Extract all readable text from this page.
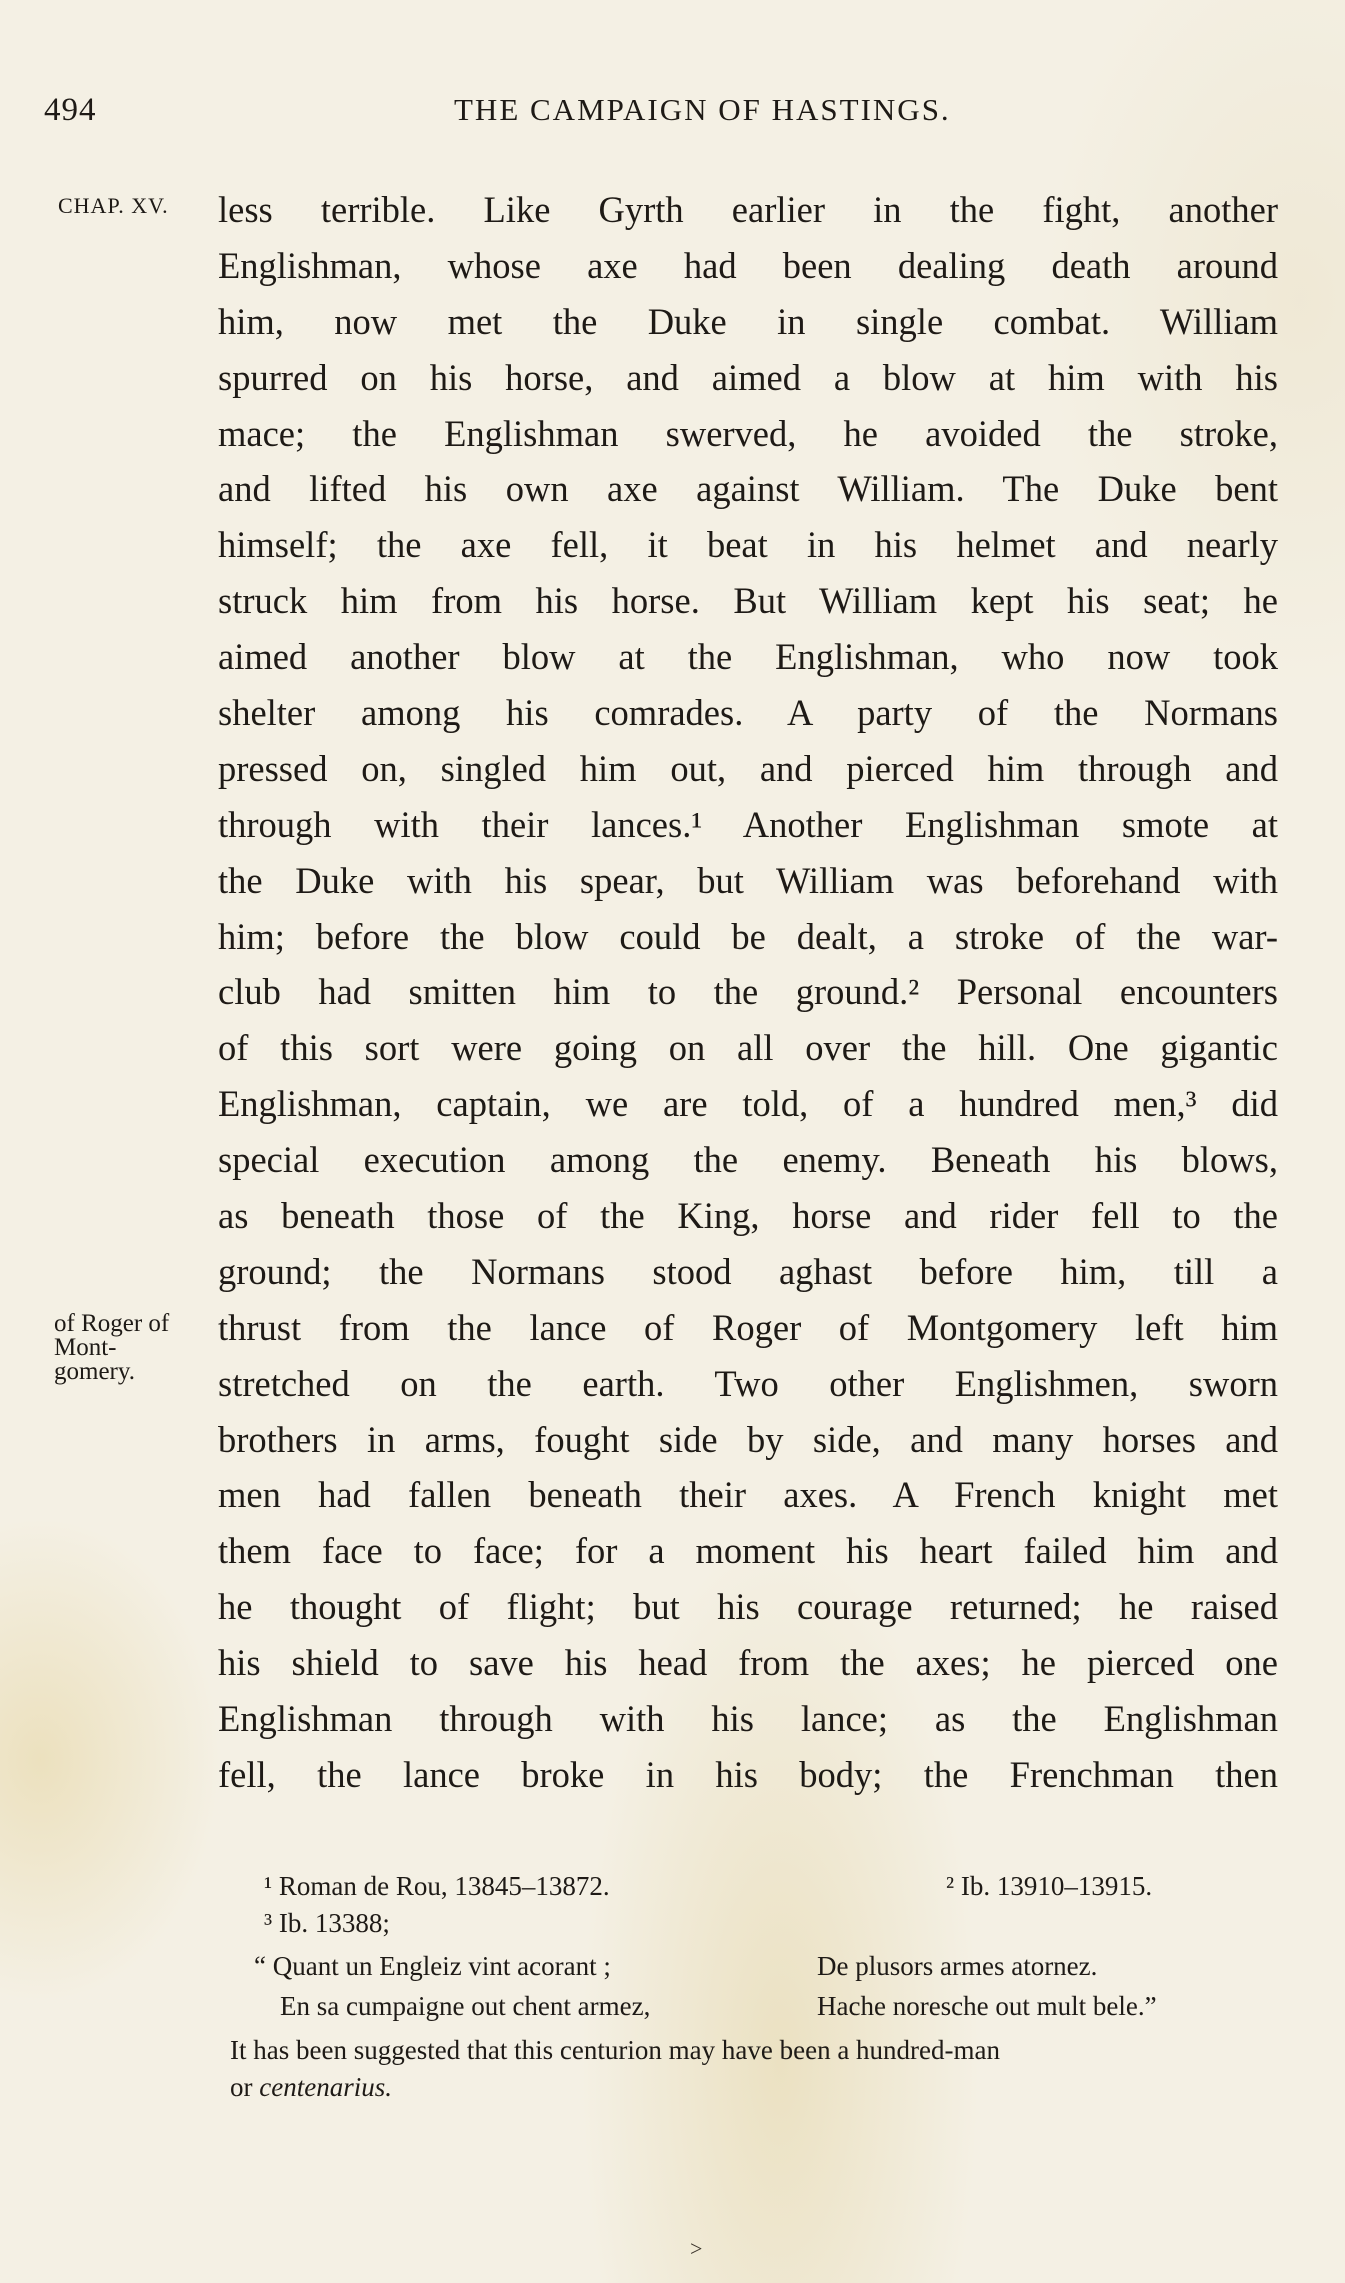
494	THE CAMPAIGN OF HASTINGS.
CHAP. XV.
of Roger of
Mont-
gomery.
less terrible. Like Gyrth earlier in the fight, another
Englishman, whose axe had been dealing death around
him, now met the Duke in single combat. William
spurred on his horse, and aimed a blow at him with his
mace; the Englishman swerved, he avoided the stroke,
and lifted his own axe against William. The Duke bent
himself; the axe fell, it beat in his helmet and nearly
struck him from his horse. But William kept his seat; he
aimed another blow at the Englishman, who now took
shelter among his comrades. A party of the Normans
pressed on, singled him out, and pierced him through and
through with their lances.¹ Another Englishman smote at
the Duke with his spear, but William was beforehand with
him; before the blow could be dealt, a stroke of the war-
club had smitten him to the ground.² Personal encounters
of this sort were going on all over the hill. One gigantic
Englishman, captain, we are told, of a hundred men,³ did
special execution among the enemy. Beneath his blows,
as beneath those of the King, horse and rider fell to the
ground; the Normans stood aghast before him, till a
thrust from the lance of Roger of Montgomery left him
stretched on the earth. Two other Englishmen, sworn
brothers in arms, fought side by side, and many horses and
men had fallen beneath their axes. A French knight met
them face to face; for a moment his heart failed him and
he thought of flight; but his courage returned; he raised
his shield to save his head from the axes; he pierced one
Englishman through with his lance; as the Englishman
fell, the lance broke in his body; the Frenchman then
¹ Roman de Rou, 13845–13872.	² Ib. 13910–13915.
³ Ib. 13388;
“ Quant un Engleiz vint acorant ;	De plusors armes atornez.
En sa cumpaigne out chent armez,	Hache noresche out mult bele.”
It has been suggested that this centurion may have been a hundred-man
or centenarius.
>
